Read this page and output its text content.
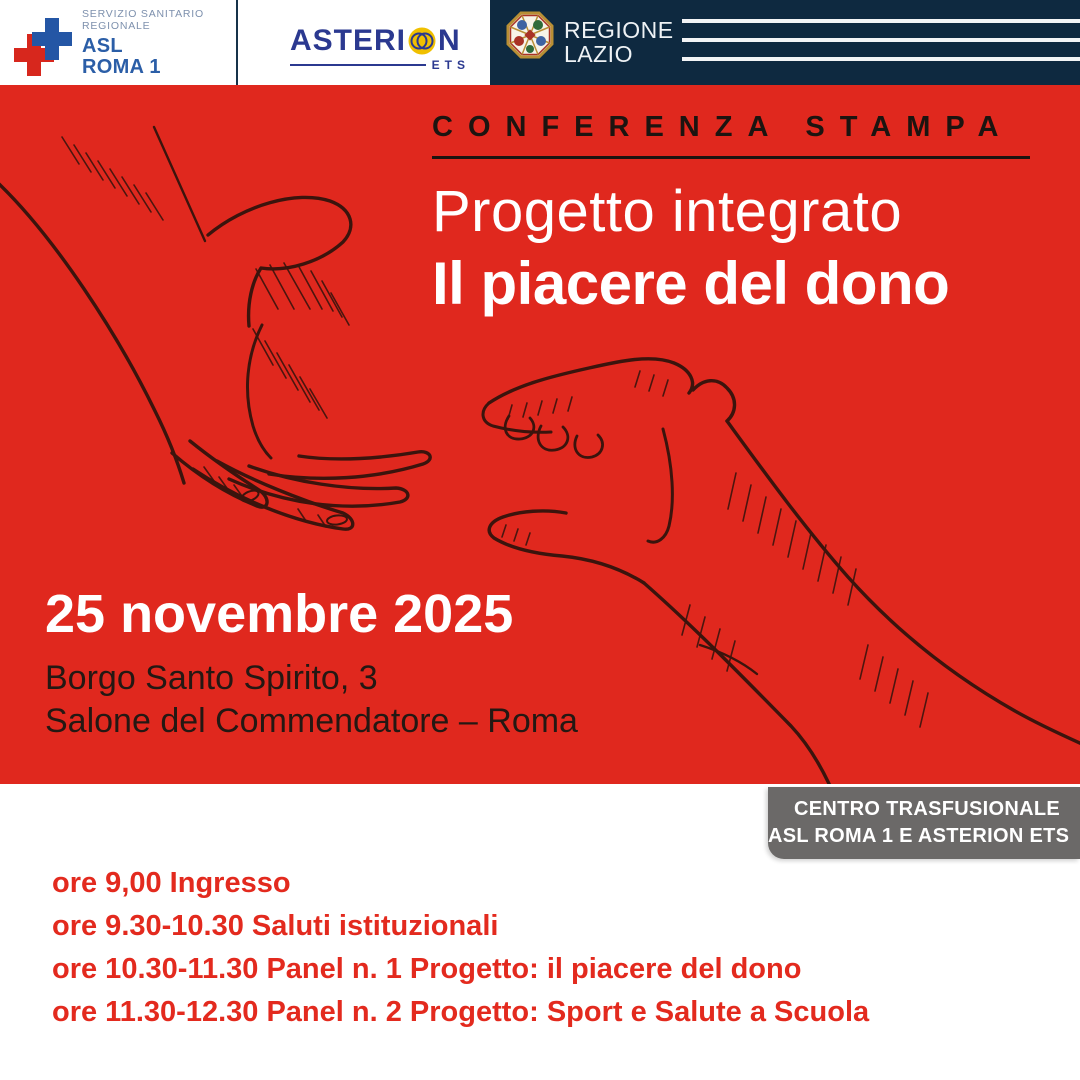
SERVIZIO SANITARIO REGIONALE
ASL
ROMA 1
ASTERI N
ETS
REGIONE
LAZIO
CONFERENZA STAMPA
Progetto integrato
Il piacere del dono
25 novembre 2025
Borgo Santo Spirito, 3
Salone del Commendatore – Roma
CENTRO TRASFUSIONALE
ASL ROMA 1 E ASTERION ETS
ore 9,00 Ingresso
ore 9.30-10.30 Saluti istituzionali
ore 10.30-11.30 Panel n. 1 Progetto: il piacere del dono
ore 11.30-12.30 Panel n. 2 Progetto: Sport e Salute a Scuola
